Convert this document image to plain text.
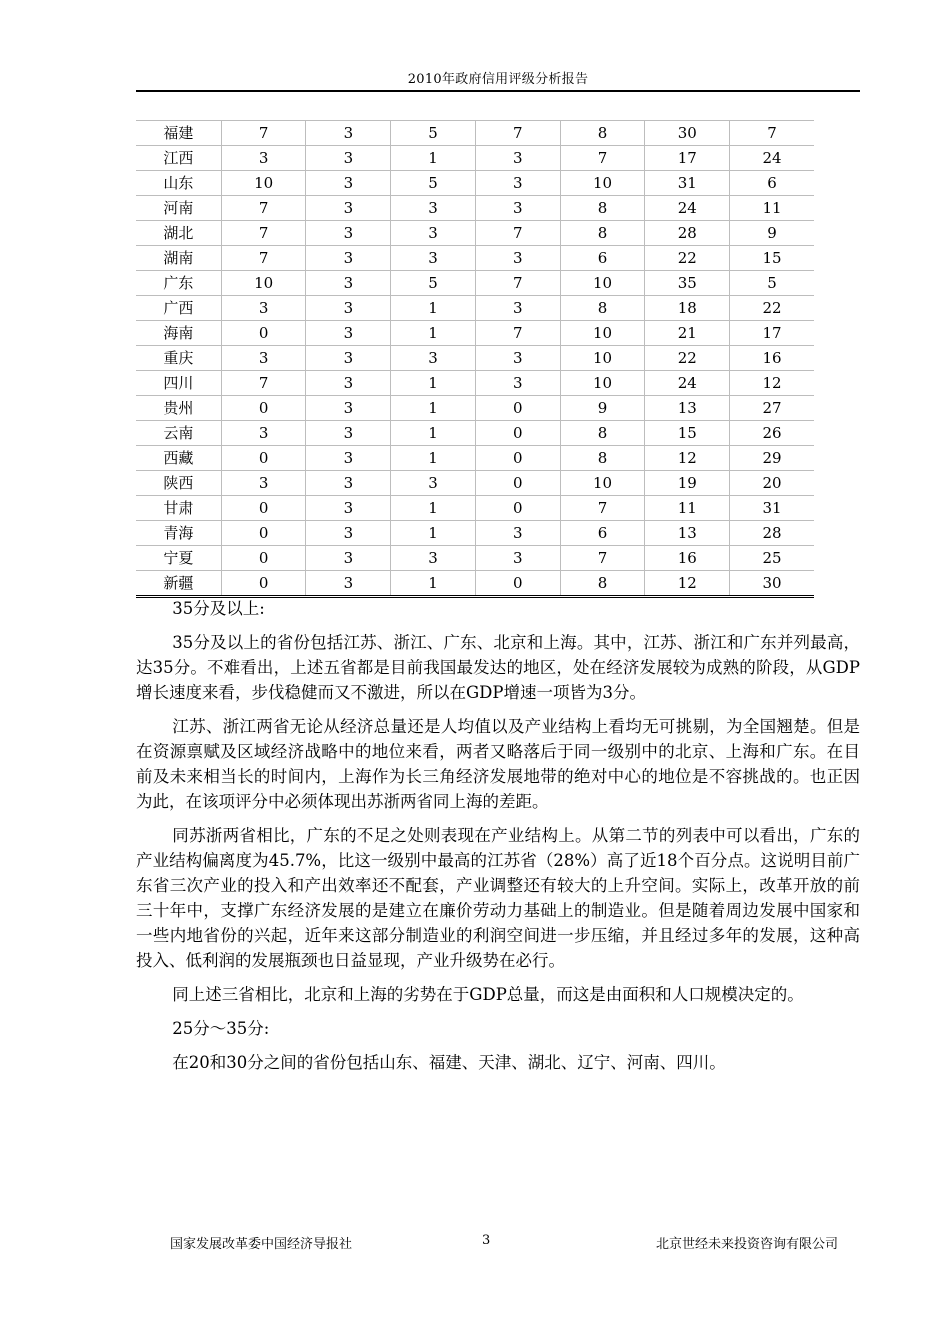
2010年政府信用评级分析报告
福建	7	3	5	7	8	30	7
江西	3	3	1	3	7	17	24
山东	10	3	5	3	10	31	6
河南	7	3	3	3	8	24	11
湖北	7	3	3	7	8	28	9
湖南	7	3	3	3	6	22	15
广东	10	3	5	7	10	35	5
广西	3	3	1	3	8	18	22
海南	0	3	1	7	10	21	17
重庆	3	3	3	3	10	22	16
四川	7	3	1	3	10	24	12
贵州	0	3	1	0	9	13	27
云南	3	3	1	0	8	15	26
西藏	0	3	1	0	8	12	29
陕西	3	3	3	0	10	19	20
甘肃	0	3	1	0	7	11	31
青海	0	3	1	3	6	13	28
宁夏	0	3	3	3	7	16	25
新疆	0	3	1	0	8	12	30

35分及以上:

35分及以上的省份包括江苏、浙江、广东、北京和上海。其中，江苏、浙江和广东并列最高，达35分。不难看出，上述五省都是目前我国最发达的地区，处在经济发展较为成熟的阶段，从GDP增长速度来看，步伐稳健而又不激进，所以在GDP增速一项皆为3分。

江苏、浙江两省无论从经济总量还是人均值以及产业结构上看均无可挑剔，为全国翘楚。但是在资源禀赋及区域经济战略中的地位来看，两者又略落后于同一级别中的北京、上海和广东。在目前及未来相当长的时间内，上海作为长三角经济发展地带的绝对中心的地位是不容挑战的。也正因为此，在该项评分中必须体现出苏浙两省同上海的差距。

同苏浙两省相比，广东的不足之处则表现在产业结构上。从第二节的列表中可以看出，广东的产业结构偏离度为45.7%，比这一级别中最高的江苏省（28%）高了近18个百分点。这说明目前广东省三次产业的投入和产出效率还不配套，产业调整还有较大的上升空间。实际上，改革开放的前三十年中，支撑广东经济发展的是建立在廉价劳动力基础上的制造业。但是随着周边发展中国家和一些内地省份的兴起，近年来这部分制造业的利润空间进一步压缩，并且经过多年的发展，这种高投入、低利润的发展瓶颈也日益显现，产业升级势在必行。

同上述三省相比，北京和上海的劣势在于GDP总量，而这是由面积和人口规模决定的。

25分～35分:

在20和30分之间的省份包括山东、福建、天津、湖北、辽宁、河南、四川。

国家发展改革委中国经济导报社	3	北京世经未来投资咨询有限公司
